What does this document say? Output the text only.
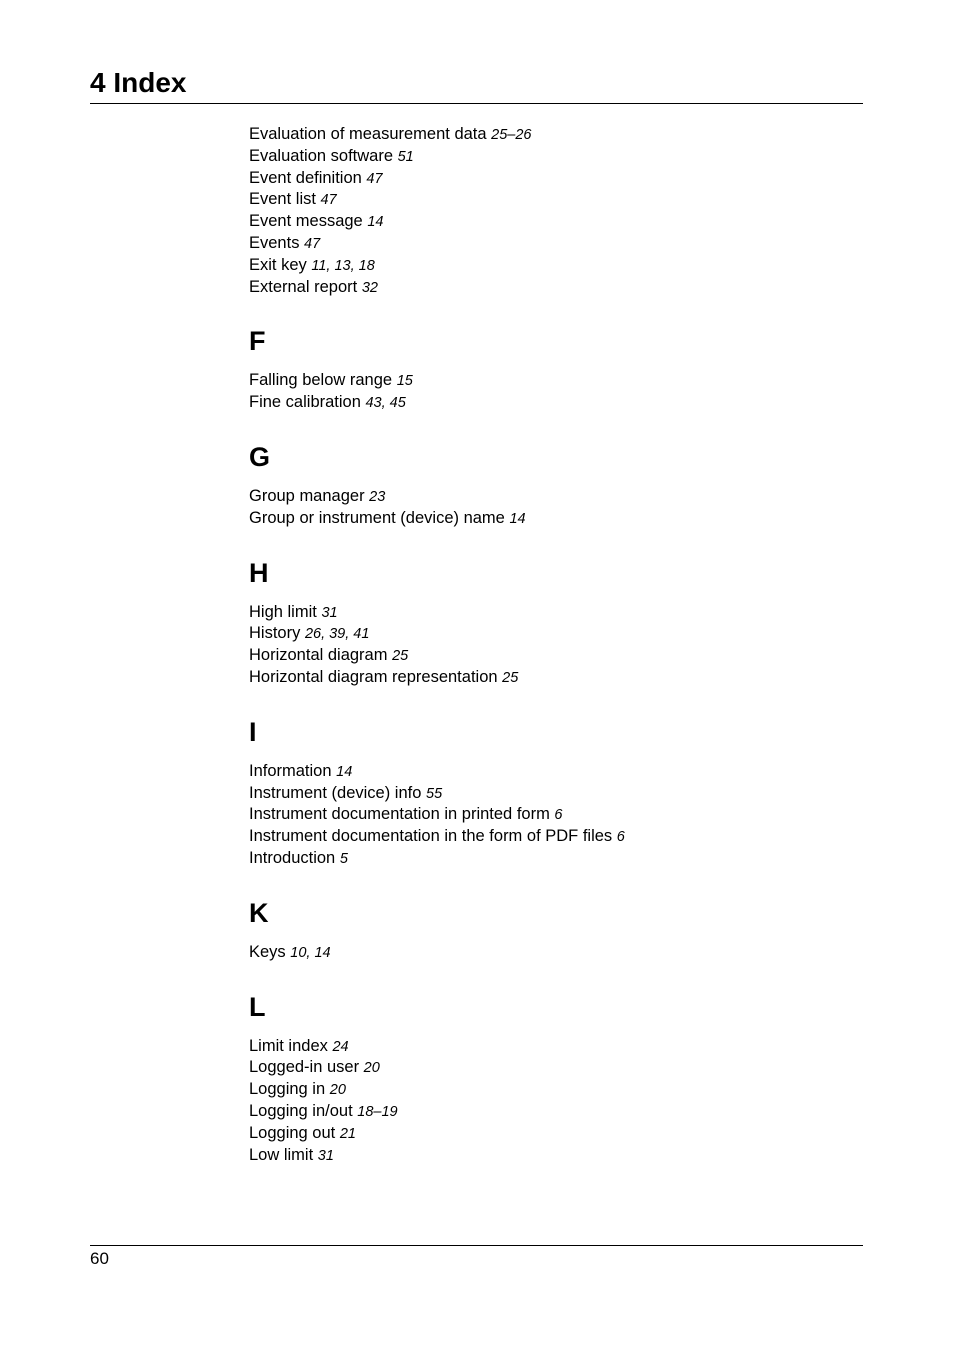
4 Index
Evaluation of measurement data 25–26
Evaluation software 51
Event definition 47
Event list 47
Event message 14
Events 47
Exit key 11, 13, 18
External report 32
F
Falling below range 15
Fine calibration 43, 45
G
Group manager 23
Group or instrument (device) name 14
H
High limit 31
History 26, 39, 41
Horizontal diagram 25
Horizontal diagram representation 25
I
Information 14
Instrument (device) info 55
Instrument documentation in printed form 6
Instrument documentation in the form of PDF files 6
Introduction 5
K
Keys 10, 14
L
Limit index 24
Logged-in user 20
Logging in 20
Logging in/out 18–19
Logging out 21
Low limit 31
60
